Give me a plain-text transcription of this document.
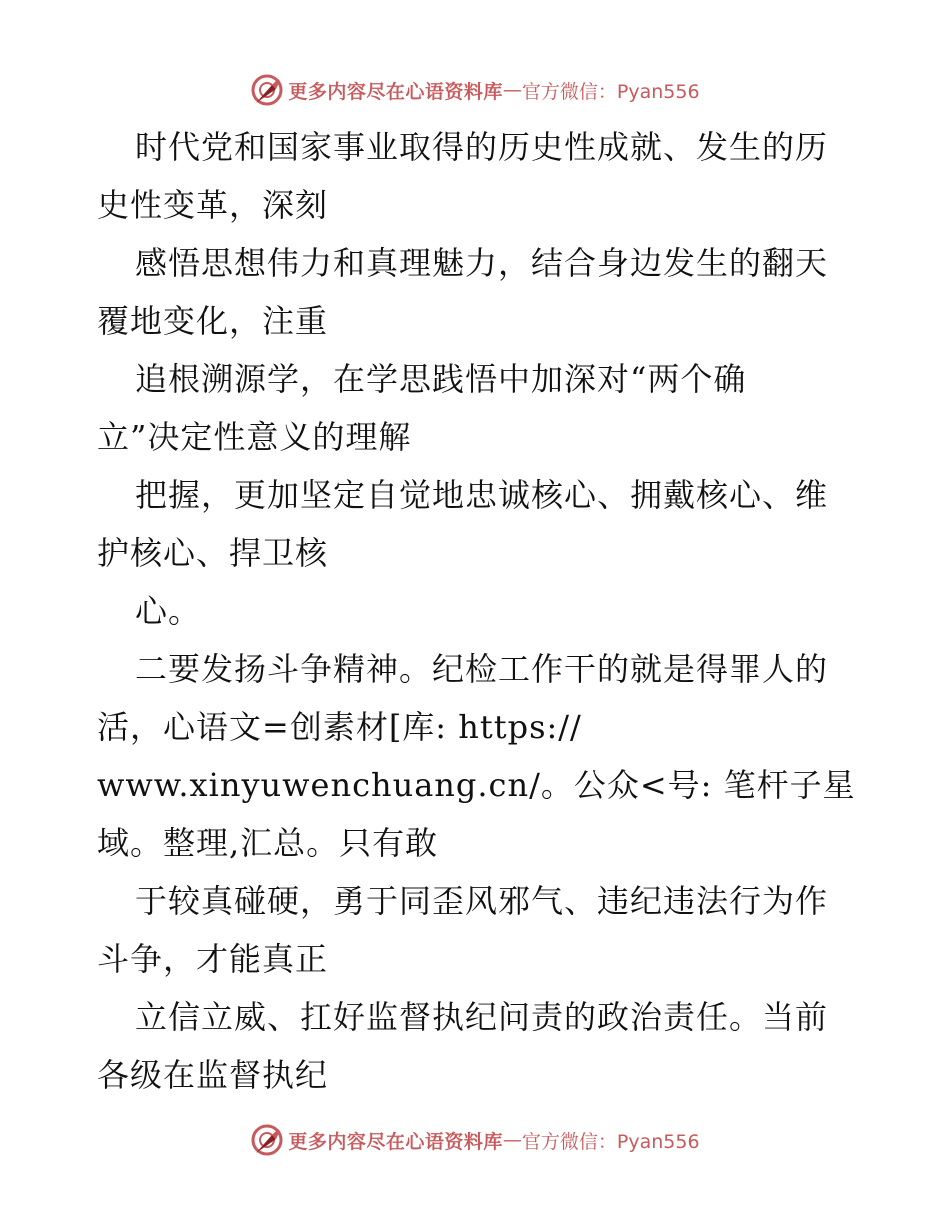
更多内容尽在心语资料库 — 官方微信：Pyan556
时代党和国家事业取得的历史性成就、发生的历
史性变革，深刻
感悟思想伟力和真理魅力，结合身边发生的翻天
覆地变化，注重
追根溯源学，在学思践悟中加深对“两个确
立”决定性意义的理解
把握，更加坚定自觉地忠诚核心、拥戴核心、维
护核心、捍卫核
心。
二要发扬斗争精神。纪检工作干的就是得罪人的
活，心语文=创素材[库: https://
www.xinyuwenchuang.cn/。公众<号: 笔杆子星
域。整理,汇总。只有敢
于较真碰硬，勇于同歪风邪气、违纪违法行为作
斗争，才能真正
立信立威、扛好监督执纪问责的政治责任。当前
各级在监督执纪
更多内容尽在心语资料库 — 官方微信：Pyan556
